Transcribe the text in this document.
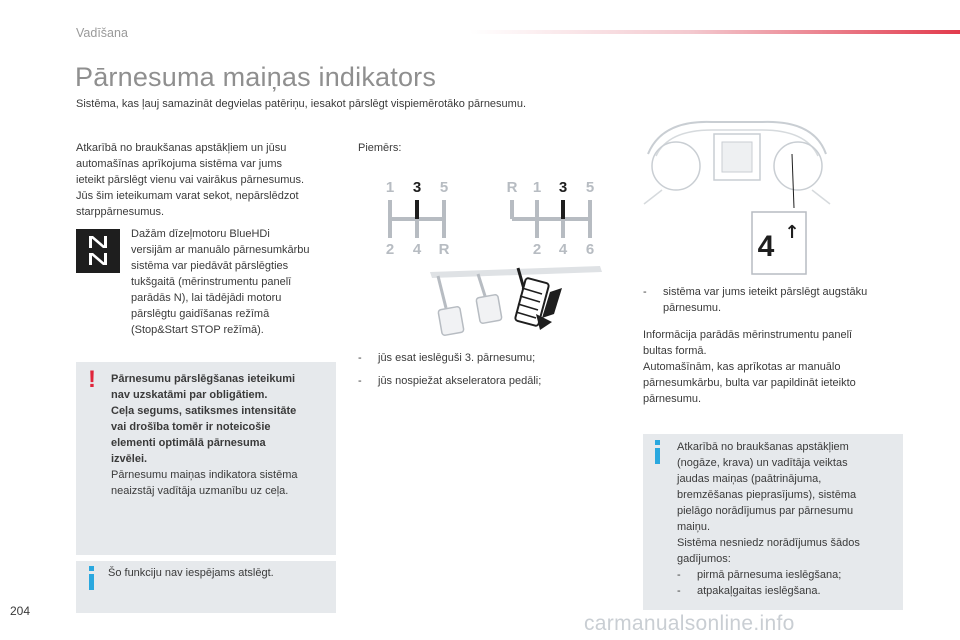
Vadīšana
Pārnesuma maiņas indikators
Sistēma, kas ļauj samazināt degvielas patēriņu, iesakot pārslēgt vispiemērotāko pārnesumu.
Atkarībā no braukšanas apstākļiem un jūsu
automašīnas aprīkojuma sistēma var jums
ieteikt pārslēgt vienu vai vairākus pārnesumus.
Jūs šim ieteikumam varat sekot, nepārslēdzot
starppārnesumus.
Dažām dīzeļmotoru BlueHDi
versijām ar manuālo pārnesumkārbu
sistēma var piedāvāt pārslēgties
tukšgaitā (mērinstrumentu panelī
parādās N), lai tādējādi motoru
pārslēgtu gaidīšanas režīmā
(Stop&Start STOP režīmā).
! Pārnesumu pārslēgšanas ieteikumi
nav uzskatāmi par obligātiem.
Ceļa segums, satiksmes intensitāte
vai drošība tomēr ir noteicošie
elementi optimālā pārnesuma
izvēlei.
Pārnesumu maiņas indikatora sistēma
neaizstāj vadītāja uzmanību uz ceļa.
Šo funkciju nav iespējams atslēgt.
Piemērs:
1 3 5
2 4 R
R 1 3 5
2 4 6
- jūs esat ieslēguši 3. pārnesumu;
- jūs nospiežat akseleratora pedāli;
4 ↑
- sistēma var jums ieteikt pārslēgt augstāku
pārnesumu.
Informācija parādās mērinstrumentu panelī
bultas formā.
Automašīnām, kas aprīkotas ar manuālo
pārnesumkārbu, bulta var papildināt ieteikto
pārnesumu.
Atkarībā no braukšanas apstākļiem
(nogāze, krava) un vadītāja veiktas
jaudas maiņas (paātrinājuma,
bremzēšanas pieprasījums), sistēma
pielāgo norādījumus par pārnesumu
maiņu.
Sistēma nesniedz norādījumus šādos
gadījumos:
- pirmā pārnesuma ieslēgšana;
- atpakaļgaitas ieslēgšana.
204
carmanualsonline.info
